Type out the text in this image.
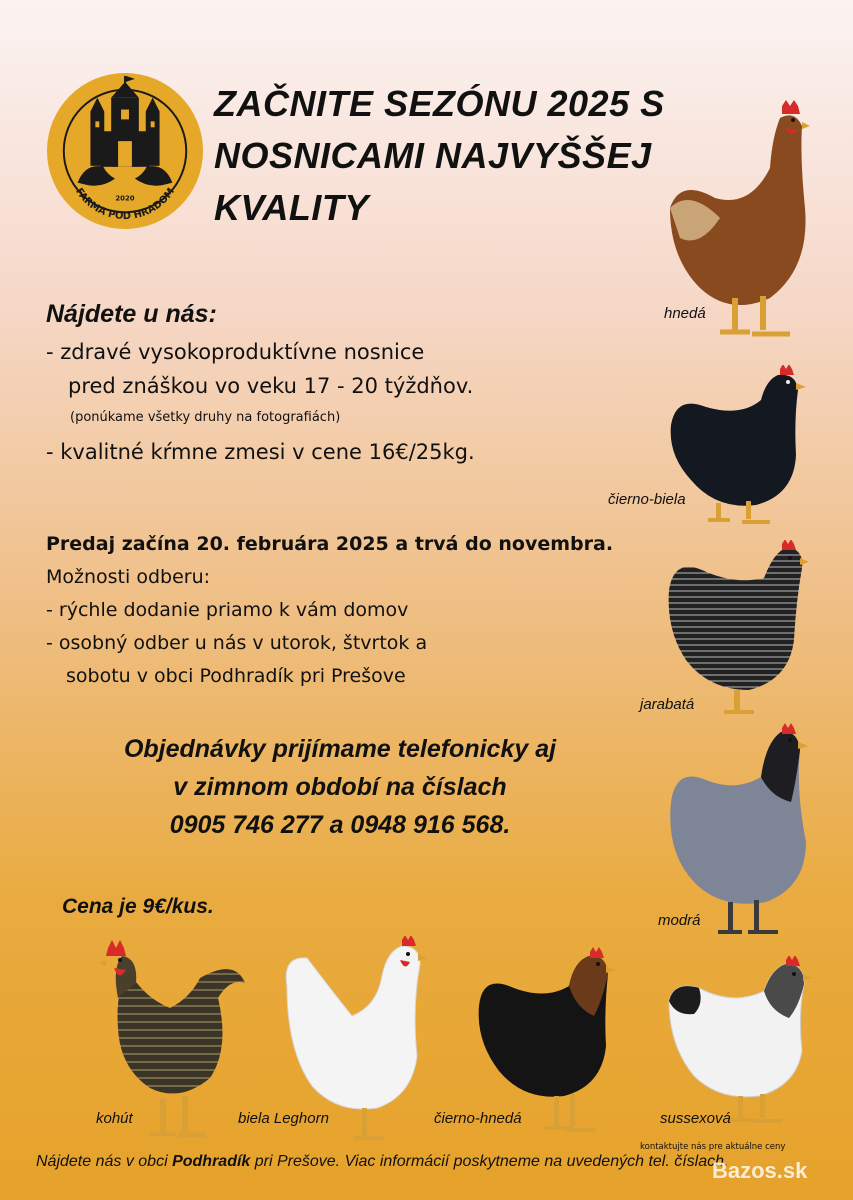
2020
FARMA POD HRADOM
ZAČNITE SEZÓNU 2025 S
NOSNICAMI NAJVYŠŠEJ
KVALITY
Nájdete u nás:
- zdravé vysokoproduktívne nosnice
pred znáškou vo veku 17 - 20 týždňov.
(ponúkame všetky druhy na fotografiách)
- kvalitné kŕmne zmesi v cene 16€/25kg.
Predaj začína 20. februára 2025 a trvá do novembra.
Možnosti odberu:
- rýchle dodanie priamo k vám domov
- osobný odber u nás v utorok, štvrtok a
sobotu v obci Podhradík pri Prešove
Objednávky prijímame telefonicky aj
v zimnom období na číslach
0905 746 277 a 0948 916 568.
Cena je 9€/kus.
hnedá
čierno-biela
jarabatá
modrá
kohút	biela Leghorn	čierno-hnedá	sussexová
kontaktujte nás pre aktuálne ceny
Nájdete nás v obci Podhradík pri Prešove. Viac informácií poskytneme na uvedených tel. číslach.
Bazos.sk
